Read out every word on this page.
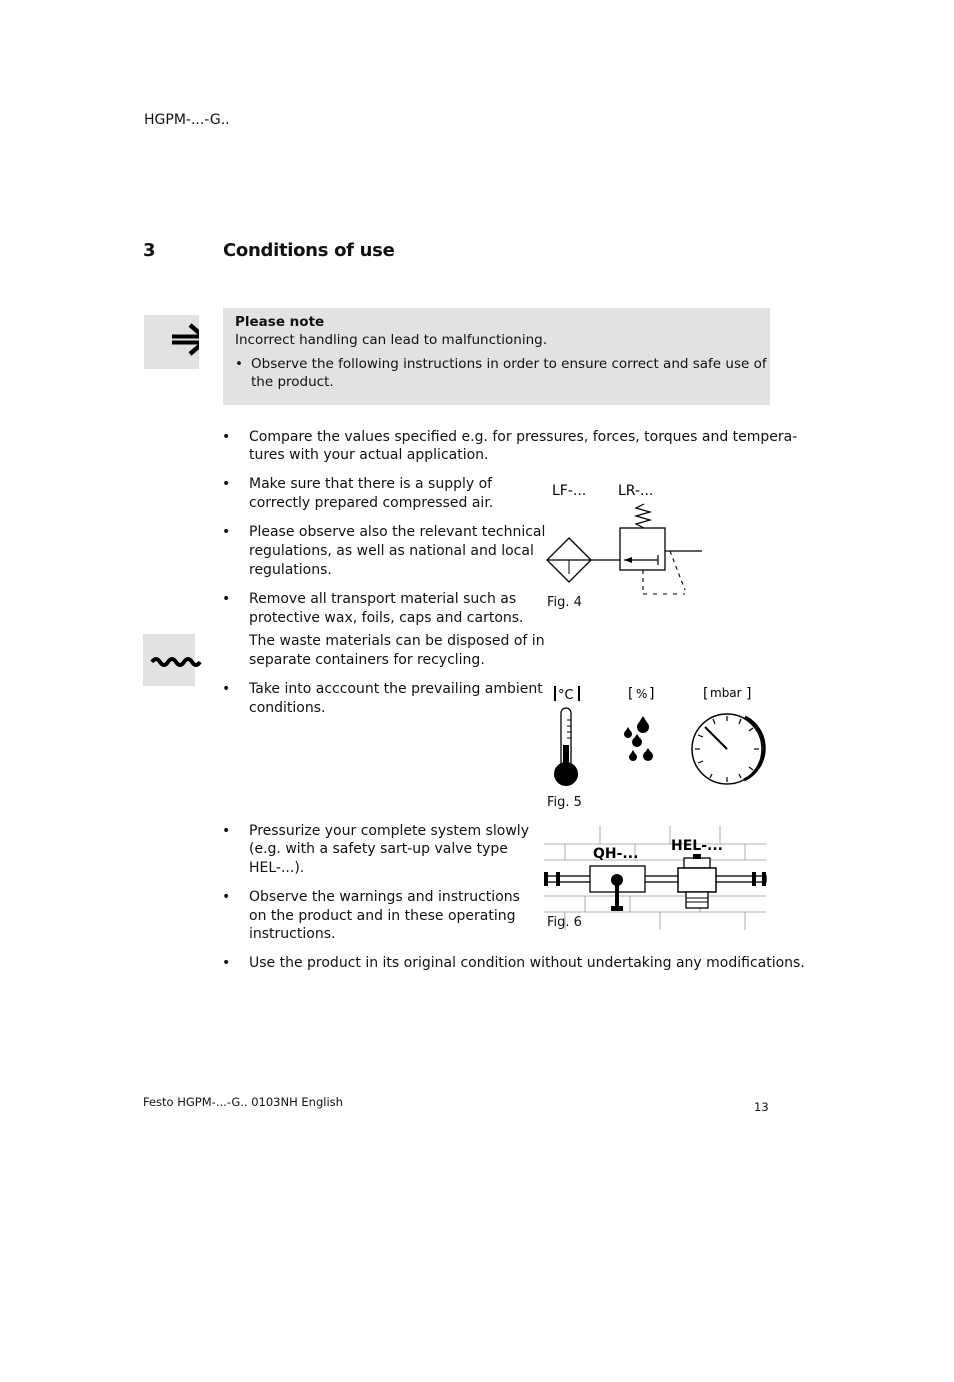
HGPM-...-G..
3	Conditions of use
Please note
Incorrect handling can lead to malfunctioning.
• Observe the following instructions in order to ensure correct and safe use of
the product.
• Compare the values specified e.g. for pressures, forces, torques and tempera-
tures with your actual application.
• Make sure that there is a supply of
correctly prepared compressed air.
• Please observe also the relevant technical
regulations, as well as national and local
regulations.
• Remove all transport material such as
protective wax, foils, caps and cartons.
The waste materials can be disposed of in
separate containers for recycling.
• Take into acccount the prevailing ambient
conditions.
• Pressurize your complete system slowly
(e.g. with a safety sart-up valve type
HEL-...).
• Observe the warnings and instructions
on the product and in these operating
instructions.
• Use the product in its original condition without undertaking any modifications.
LF-... LR-...
Fig. 4
°C	[ % ]	[ mbar ]
Fig. 5
QH-... HEL-...
Fig. 6
Festo HGPM-...-G.. 0103NH English	13
